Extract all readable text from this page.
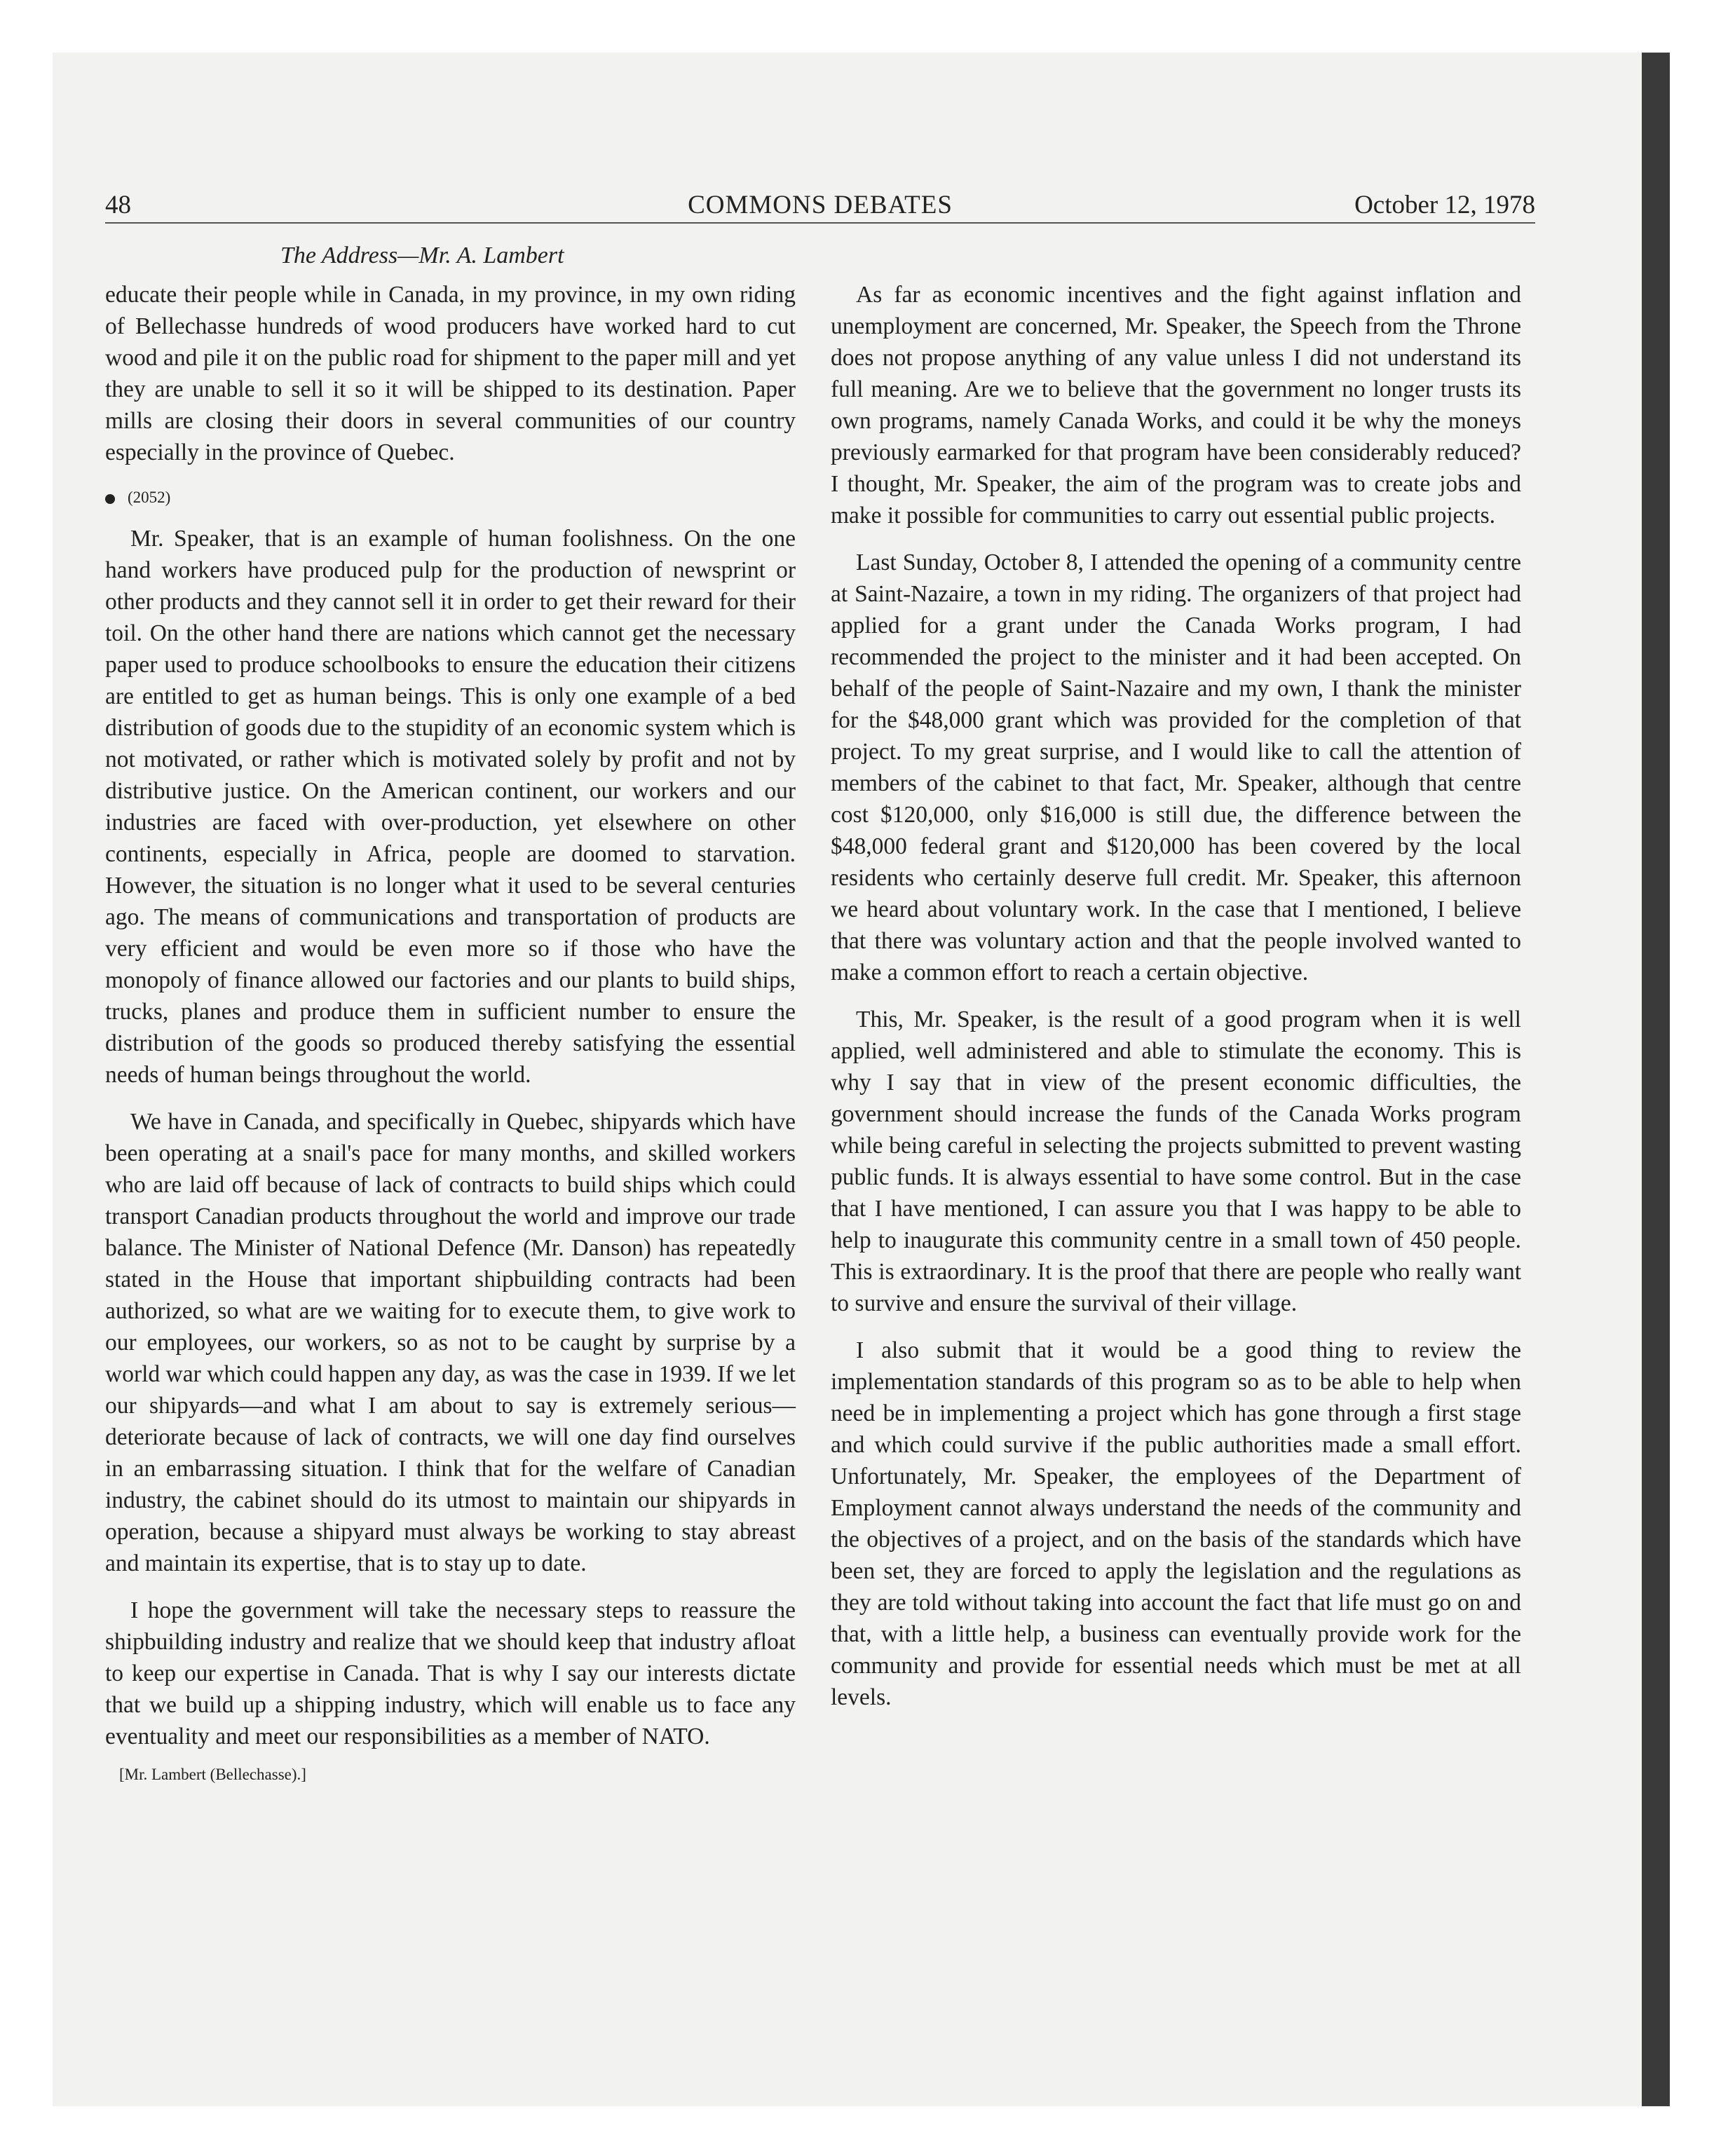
48	COMMONS DEBATES	October 12, 1978
The Address—Mr. A. Lambert

educate their people while in Canada, in my province, in my own riding of Bellechasse hundreds of wood producers have worked hard to cut wood and pile it on the public road for shipment to the paper mill and yet they are unable to sell it so it will be shipped to its destination. Paper mills are closing their doors in several communities of our country especially in the province of Quebec.

(2052)

Mr. Speaker, that is an example of human foolishness. On the one hand workers have produced pulp for the production of newsprint or other products and they cannot sell it in order to get their reward for their toil. On the other hand there are nations which cannot get the necessary paper used to produce schoolbooks to ensure the education their citizens are entitled to get as human beings. This is only one example of a bed distribution of goods due to the stupidity of an economic system which is not motivated, or rather which is motivated solely by profit and not by distributive justice. On the American continent, our workers and our industries are faced with over-production, yet elsewhere on other continents, especially in Africa, people are doomed to starvation. However, the situation is no longer what it used to be several centuries ago. The means of communications and transportation of products are very efficient and would be even more so if those who have the monopoly of finance allowed our factories and our plants to build ships, trucks, planes and produce them in sufficient number to ensure the distribution of the goods so produced thereby satisfying the essential needs of human beings throughout the world.

We have in Canada, and specifically in Quebec, shipyards which have been operating at a snail's pace for many months, and skilled workers who are laid off because of lack of contracts to build ships which could transport Canadian products throughout the world and improve our trade balance. The Minister of National Defence (Mr. Danson) has repeatedly stated in the House that important shipbuilding contracts had been authorized, so what are we waiting for to execute them, to give work to our employees, our workers, so as not to be caught by surprise by a world war which could happen any day, as was the case in 1939. If we let our shipyards—and what I am about to say is extremely serious—deteriorate because of lack of contracts, we will one day find ourselves in an embarrassing situation. I think that for the welfare of Canadian industry, the cabinet should do its utmost to maintain our shipyards in operation, because a shipyard must always be working to stay abreast and maintain its expertise, that is to stay up to date.

I hope the government will take the necessary steps to reassure the shipbuilding industry and realize that we should keep that industry afloat to keep our expertise in Canada. That is why I say our interests dictate that we build up a shipping industry, which will enable us to face any eventuality and meet our responsibilities as a member of NATO.

[Mr. Lambert (Bellechasse).]

As far as economic incentives and the fight against inflation and unemployment are concerned, Mr. Speaker, the Speech from the Throne does not propose anything of any value unless I did not understand its full meaning. Are we to believe that the government no longer trusts its own programs, namely Canada Works, and could it be why the moneys previously earmarked for that program have been considerably reduced? I thought, Mr. Speaker, the aim of the program was to create jobs and make it possible for communities to carry out essential public projects.

Last Sunday, October 8, I attended the opening of a community centre at Saint-Nazaire, a town in my riding. The organizers of that project had applied for a grant under the Canada Works program, I had recommended the project to the minister and it had been accepted. On behalf of the people of Saint-Nazaire and my own, I thank the minister for the $48,000 grant which was provided for the completion of that project. To my great surprise, and I would like to call the attention of members of the cabinet to that fact, Mr. Speaker, although that centre cost $120,000, only $16,000 is still due, the difference between the $48,000 federal grant and $120,000 has been covered by the local residents who certainly deserve full credit. Mr. Speaker, this afternoon we heard about voluntary work. In the case that I mentioned, I believe that there was voluntary action and that the people involved wanted to make a common effort to reach a certain objective.

This, Mr. Speaker, is the result of a good program when it is well applied, well administered and able to stimulate the economy. This is why I say that in view of the present economic difficulties, the government should increase the funds of the Canada Works program while being careful in selecting the projects submitted to prevent wasting public funds. It is always essential to have some control. But in the case that I have mentioned, I can assure you that I was happy to be able to help to inaugurate this community centre in a small town of 450 people. This is extraordinary. It is the proof that there are people who really want to survive and ensure the survival of their village.

I also submit that it would be a good thing to review the implementation standards of this program so as to be able to help when need be in implementing a project which has gone through a first stage and which could survive if the public authorities made a small effort. Unfortunately, Mr. Speaker, the employees of the Department of Employment cannot always understand the needs of the community and the objectives of a project, and on the basis of the standards which have been set, they are forced to apply the legislation and the regulations as they are told without taking into account the fact that life must go on and that, with a little help, a business can eventually provide work for the community and provide for essential needs which must be met at all levels.
